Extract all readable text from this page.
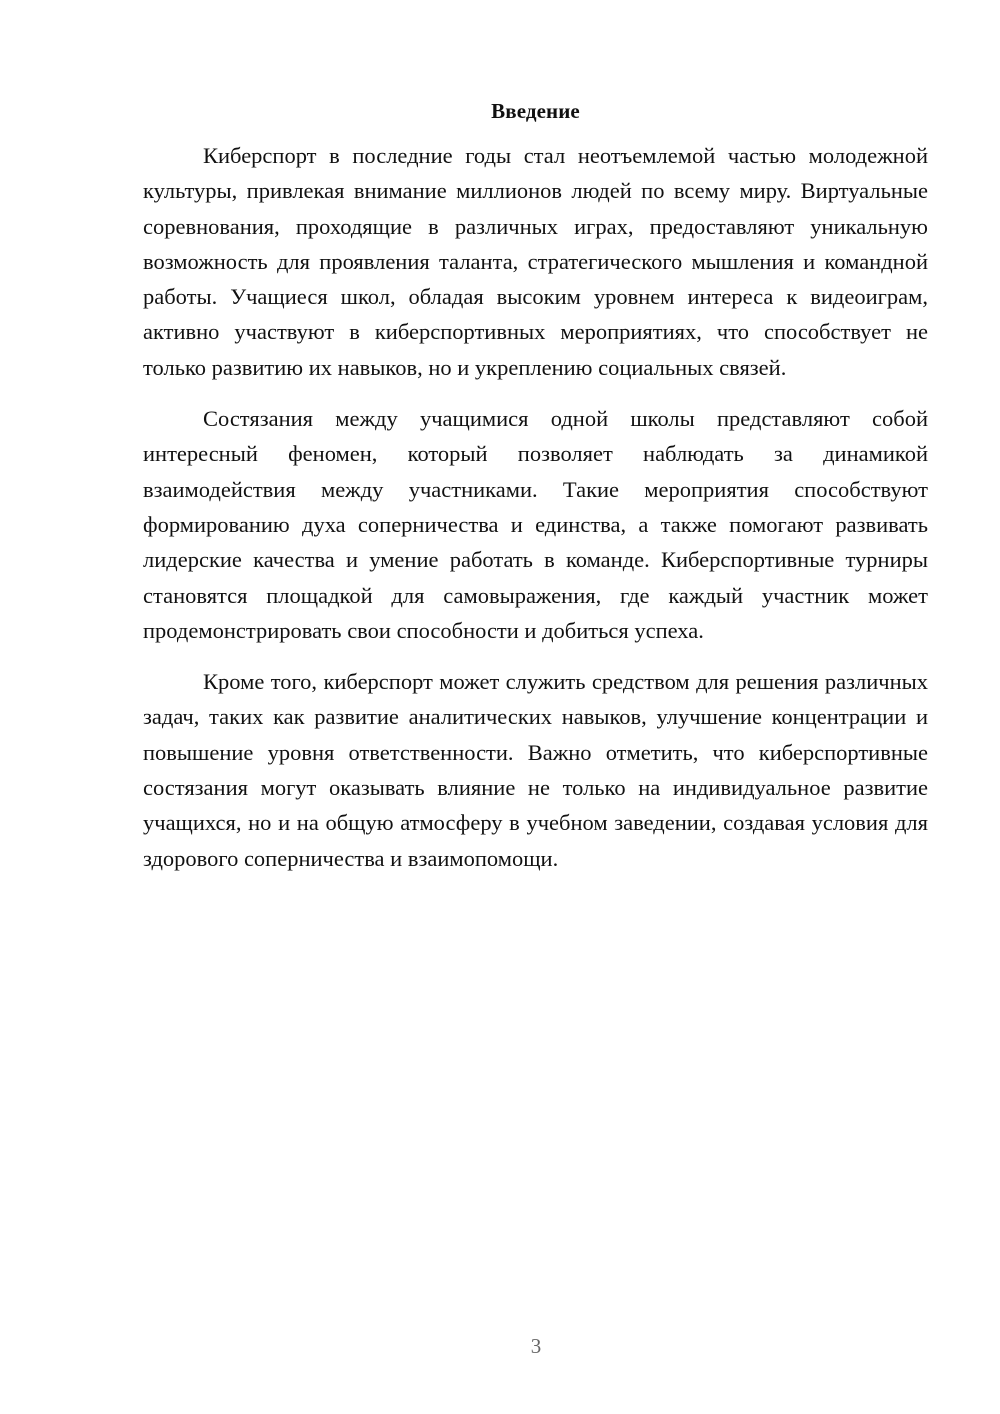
Введение

Киберспорт в последние годы стал неотъемлемой частью молодежной культуры, привлекая внимание миллионов людей по всему миру. Виртуальные соревнования, проходящие в различных играх, предоставляют уникальную возможность для проявления таланта, стратегического мышления и командной работы. Учащиеся школ, обладая высоким уровнем интереса к видеоиграм, активно участвуют в киберспортивных мероприятиях, что способствует не только развитию их навыков, но и укреплению социальных связей.

Состязания между учащимися одной школы представляют собой интересный феномен, который позволяет наблюдать за динамикой взаимодействия между участниками. Такие мероприятия способствуют формированию духа соперничества и единства, а также помогают развивать лидерские качества и умение работать в команде. Киберспортивные турниры становятся площадкой для самовыражения, где каждый участник может продемонстрировать свои способности и добиться успеха.

Кроме того, киберспорт может служить средством для решения различных задач, таких как развитие аналитических навыков, улучшение концентрации и повышение уровня ответственности. Важно отметить, что киберспортивные состязания могут оказывать влияние не только на индивидуальное развитие учащихся, но и на общую атмосферу в учебном заведении, создавая условия для здорового соперничества и взаимопомощи.

3
